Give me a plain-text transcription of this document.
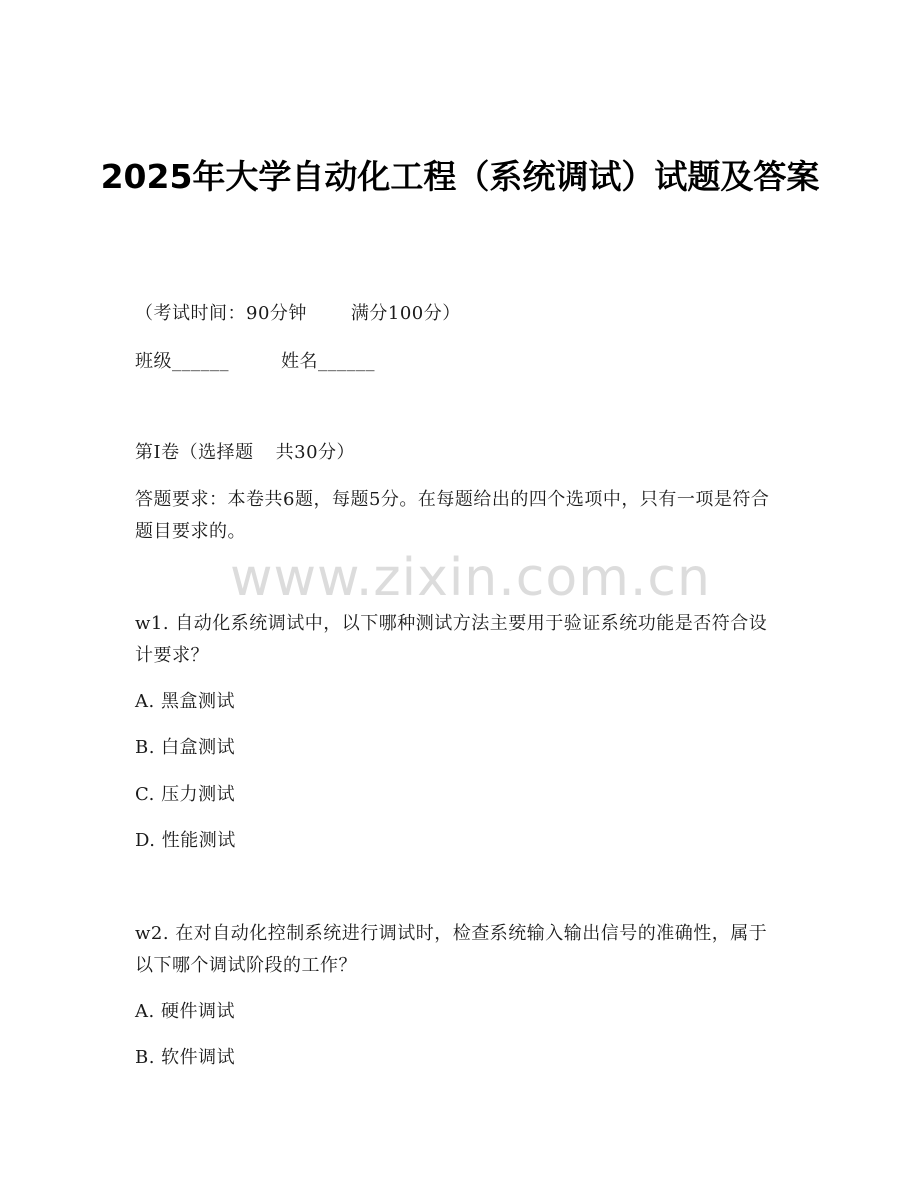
2025年大学自动化工程（系统调试）试题及答案
（考试时间：90分钟 满分100分）
班级______	姓名______
第Ⅰ卷（选择题 共30分）
答题要求：本卷共6题，每题5分。在每题给出的四个选项中，只有一项是符合题目要求的。
www.zixin.com.cn
w1. 自动化系统调试中，以下哪种测试方法主要用于验证系统功能是否符合设计要求？
A. 黑盒测试
B. 白盒测试
C. 压力测试
D. 性能测试
w2. 在对自动化控制系统进行调试时，检查系统输入输出信号的准确性，属于以下哪个调试阶段的工作？
A. 硬件调试
B. 软件调试
